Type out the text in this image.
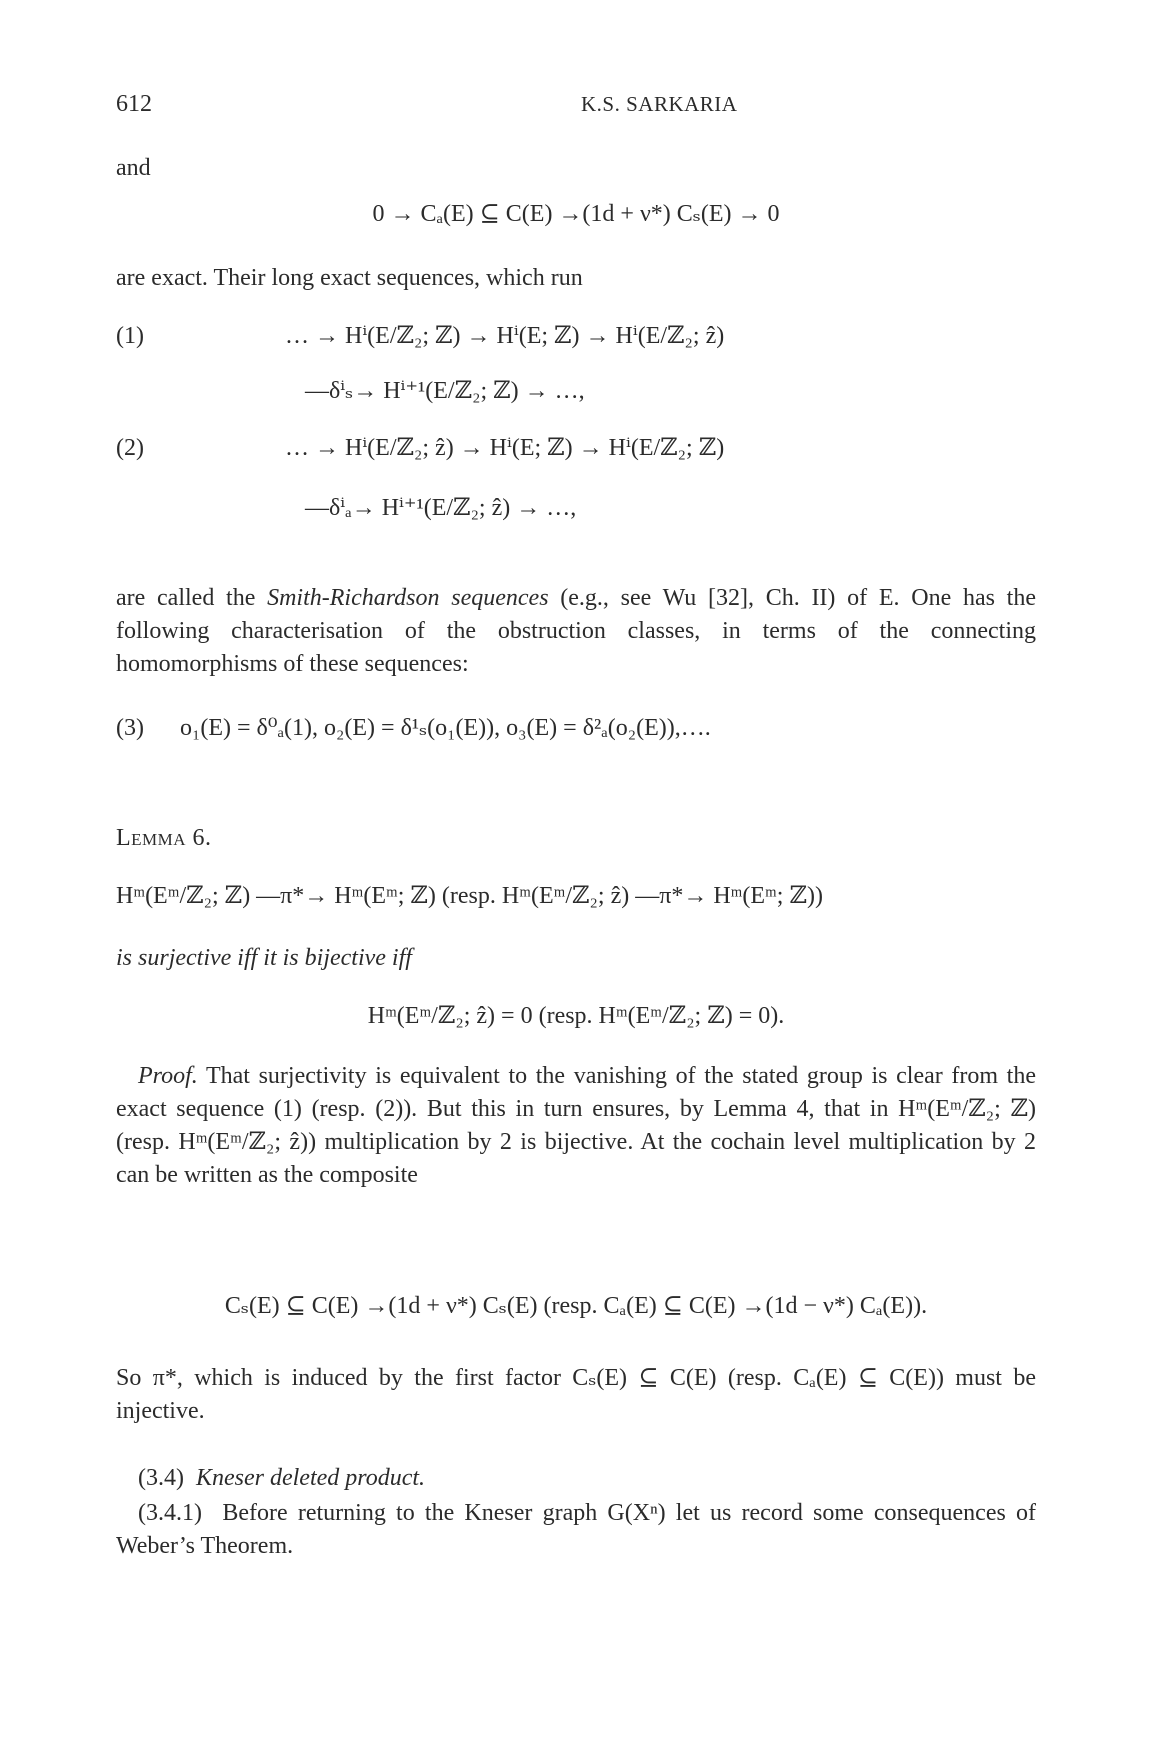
612	K.S. SARKARIA
and
0 → Cₐ(E) ⊆ C(E) →(1d + ν*) Cₛ(E) → 0
are exact. Their long exact sequences, which run
(1)	… → Hⁱ(E/ℤ₂; ℤ) → Hⁱ(E; ℤ) → Hⁱ(E/ℤ₂; ẑ)
—δⁱₛ→ Hⁱ⁺¹(E/ℤ₂; ℤ) → …,
(2)	… → Hⁱ(E/ℤ₂; ẑ) → Hⁱ(E; ℤ) → Hⁱ(E/ℤ₂; ℤ)
—δⁱₐ→ Hⁱ⁺¹(E/ℤ₂; ẑ) → …,

are called the Smith-Richardson sequences (e.g., see Wu [32], Ch. II) of E. One has the following characterisation of the obstruction classes, in terms of the connecting homomorphisms of these sequences:

(3) o₁(E) = δ⁰ₐ(1), o₂(E) = δ¹ₛ(o₁(E)), o₃(E) = δ²ₐ(o₂(E)),….
Lemma 6.
Hᵐ(Eᵐ/ℤ₂; ℤ) —π*→ Hᵐ(Eᵐ; ℤ) (resp. Hᵐ(Eᵐ/ℤ₂; ẑ) —π*→ Hᵐ(Eᵐ; ℤ))
is surjective iff it is bijective iff
Hᵐ(Eᵐ/ℤ₂; ẑ) = 0 (resp. Hᵐ(Eᵐ/ℤ₂; ℤ) = 0).

Proof. That surjectivity is equivalent to the vanishing of the stated group is clear from the exact sequence (1) (resp. (2)). But this in turn ensures, by Lemma 4, that in Hᵐ(Eᵐ/ℤ₂; ℤ) (resp. Hᵐ(Eᵐ/ℤ₂; ẑ)) multiplication by 2 is bijective. At the cochain level multiplication by 2 can be written as the composite

Cₛ(E) ⊆ C(E) →(1d + ν*) Cₛ(E) (resp. Cₐ(E) ⊆ C(E) →(1d − ν*) Cₐ(E)).

So π*, which is induced by the first factor Cₛ(E) ⊆ C(E) (resp. Cₐ(E) ⊆ C(E)) must be injective.

(3.4) Kneser deleted product.

(3.4.1) Before returning to the Kneser graph G(Xⁿ) let us record some consequences of Weber’s Theorem.
